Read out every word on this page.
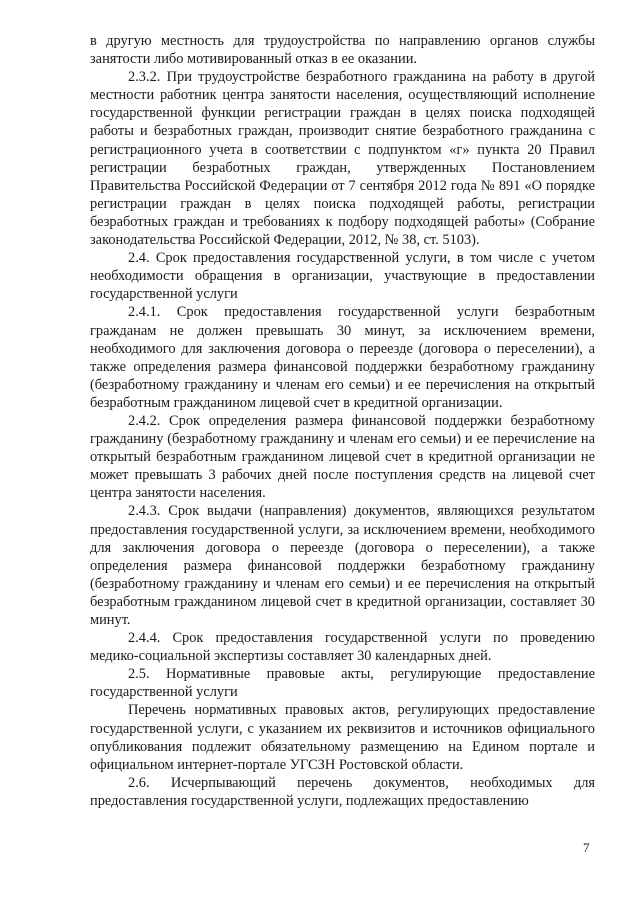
в другую местность для трудоустройства по направлению органов службы занятости либо мотивированный отказ в ее оказании.

2.3.2. При трудоустройстве безработного гражданина на работу в другой местности работник центра занятости населения, осуществляющий исполнение государственной функции регистрации граждан в целях поиска подходящей работы и безработных граждан, производит снятие безработного гражданина с регистрационного учета в соответствии с подпунктом «г» пункта 20 Правил регистрации безработных граждан, утвержденных Постановлением Правительства Российской Федерации от 7 сентября 2012 года № 891 «О порядке регистрации граждан в целях поиска подходящей работы, регистрации безработных граждан и требованиях к подбору подходящей работы» (Собрание законодательства Российской Федерации, 2012, № 38, ст. 5103).

2.4. Срок предоставления государственной услуги, в том числе с учетом необходимости обращения в организации, участвующие в предоставлении государственной услуги

2.4.1. Срок предоставления государственной услуги безработным гражданам не должен превышать 30 минут, за исключением времени, необходимого для заключения договора о переезде (договора о переселении), а также определения размера финансовой поддержки безработному гражданину (безработному гражданину и членам его семьи) и ее перечисления на открытый безработным гражданином лицевой счет в кредитной организации.

2.4.2. Срок определения размера финансовой поддержки безработному гражданину (безработному гражданину и членам его семьи) и ее перечисление на открытый безработным гражданином лицевой счет в кредитной организации не может превышать 3 рабочих дней после поступления средств на лицевой счет центра занятости населения.

2.4.3. Срок выдачи (направления) документов, являющихся результатом предоставления государственной услуги, за исключением времени, необходимого для заключения договора о переезде (договора о переселении), а также определения размера финансовой поддержки безработному гражданину (безработному гражданину и членам его семьи) и ее перечисления на открытый безработным гражданином лицевой счет в кредитной организации, составляет 30 минут.

2.4.4. Срок предоставления государственной услуги по проведению медико-социальной экспертизы составляет 30 календарных дней.

2.5. Нормативные правовые акты, регулирующие предоставление государственной услуги

Перечень нормативных правовых актов, регулирующих предоставление государственной услуги, с указанием их реквизитов и источников официального опубликования подлежит обязательному размещению на Едином портале и официальном интернет-портале УГСЗН Ростовской области.

2.6. Исчерпывающий перечень документов, необходимых для предоставления государственной услуги, подлежащих предоставлению

7
